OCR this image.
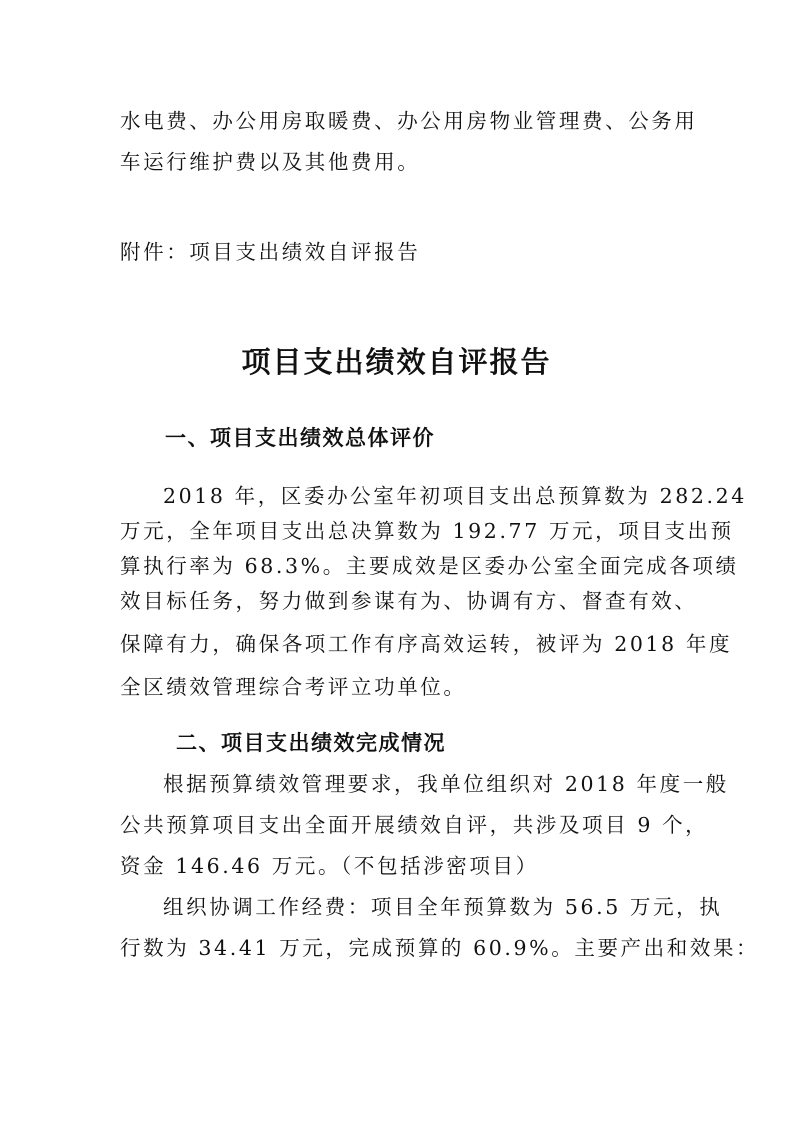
水电费、办公用房取暖费、办公用房物业管理费、公务用
车运行维护费以及其他费用。
附件：项目支出绩效自评报告
项目支出绩效自评报告
一、项目支出绩效总体评价
2018 年，区委办公室年初项目支出总预算数为 282.24
万元，全年项目支出总决算数为 192.77 万元，项目支出预
算执行率为 68.3%。主要成效是区委办公室全面完成各项绩
效目标任务，努力做到参谋有为、协调有方、督查有效、
保障有力，确保各项工作有序高效运转，被评为 2018 年度
全区绩效管理综合考评立功单位。
二、项目支出绩效完成情况
根据预算绩效管理要求，我单位组织对 2018 年度一般
公共预算项目支出全面开展绩效自评，共涉及项目 9 个，
资金 146.46 万元。（不包括涉密项目）
组织协调工作经费：项目全年预算数为 56.5 万元，执
行数为 34.41 万元，完成预算的 60.9%。主要产出和效果：
